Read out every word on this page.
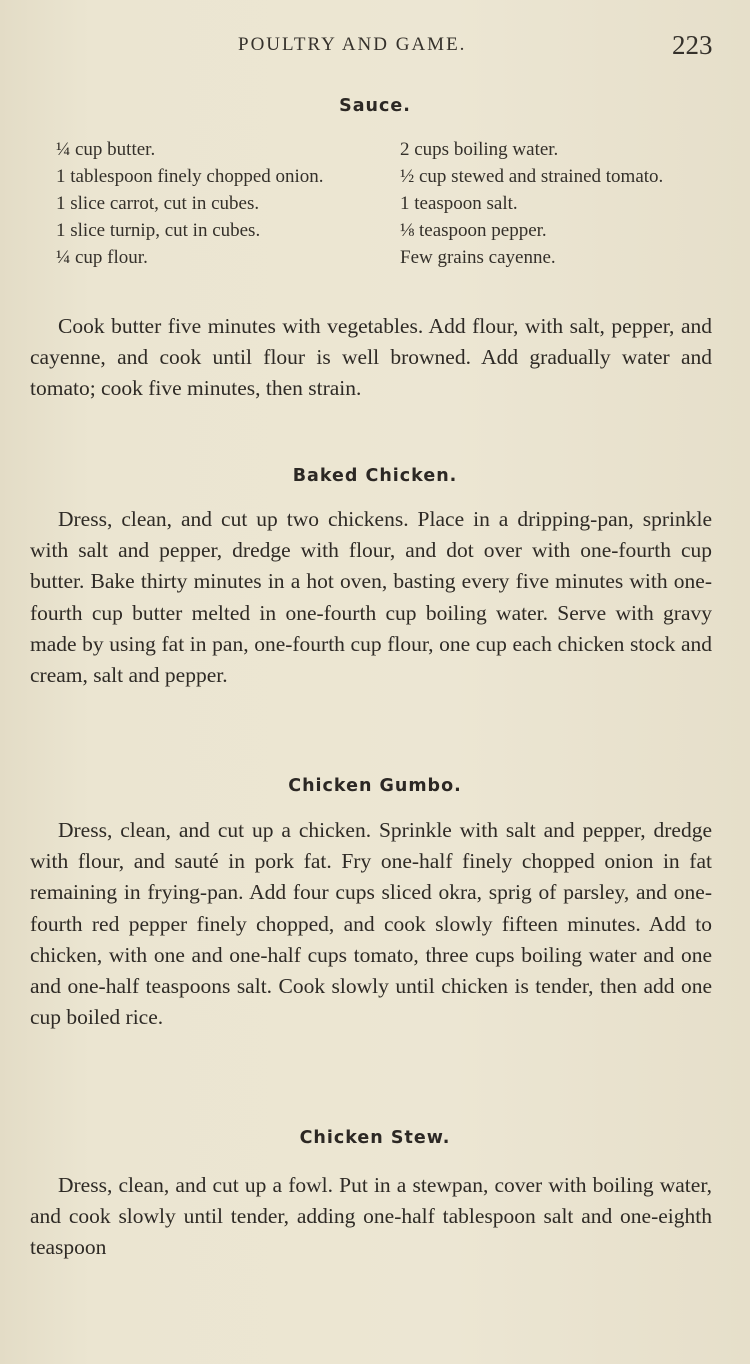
POULTRY AND GAME.	223
Sauce.

¼ cup butter.

1 tablespoon finely chopped onion.

1 slice carrot, cut in cubes.

1 slice turnip, cut in cubes.

¼ cup flour.

2 cups boiling water.

½ cup stewed and strained tomato.

1 teaspoon salt.

⅛ teaspoon pepper.

Few grains cayenne.

Cook butter five minutes with vegetables. Add flour, with salt, pepper, and cayenne, and cook until flour is well browned. Add gradually water and tomato; cook five minutes, then strain.

Baked Chicken.

Dress, clean, and cut up two chickens. Place in a dripping-pan, sprinkle with salt and pepper, dredge with flour, and dot over with one-fourth cup butter. Bake thirty minutes in a hot oven, basting every five minutes with one-fourth cup butter melted in one-fourth cup boiling water. Serve with gravy made by using fat in pan, one-fourth cup flour, one cup each chicken stock and cream, salt and pepper.

Chicken Gumbo.

Dress, clean, and cut up a chicken. Sprinkle with salt and pepper, dredge with flour, and sauté in pork fat. Fry one-half finely chopped onion in fat remaining in frying-pan. Add four cups sliced okra, sprig of parsley, and one-fourth red pepper finely chopped, and cook slowly fifteen minutes. Add to chicken, with one and one-half cups tomato, three cups boiling water and one and one-half teaspoons salt. Cook slowly until chicken is tender, then add one cup boiled rice.

Chicken Stew.

Dress, clean, and cut up a fowl. Put in a stewpan, cover with boiling water, and cook slowly until tender, adding one-half tablespoon salt and one-eighth teaspoon
